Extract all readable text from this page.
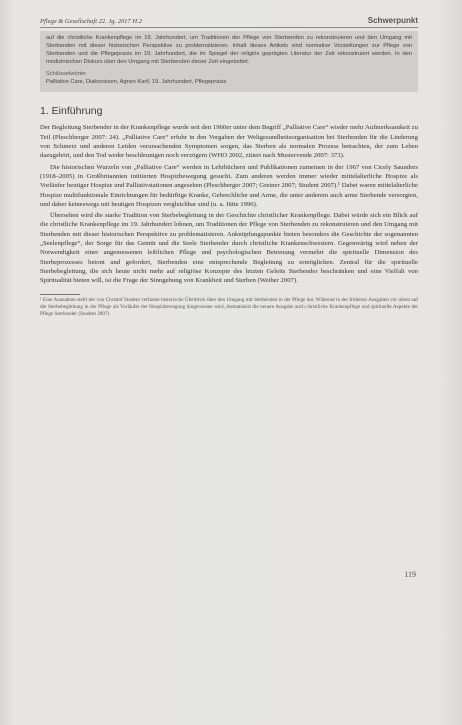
Pflege & Gesellschaft 22. Jg. 2017 H.2	Schwerpunkt

auf die christliche Krankenpflege im 19. Jahrhundert, um Traditionen der Pflege von Sterbenden zu rekonstruieren und den Umgang mit Sterbenden mit dieser historischen Perspektive zu problematisieren. Inhalt dieses Artikels sind normative Vorstellungen zur Pflege von Sterbenden und die Pflegepraxis im 19. Jahrhundert, die im Spiegel der religiös geprägten Literatur der Zeit rekonstruiert werden. In den medizinischen Diskurs über den Umgang mit Sterbenden dieser Zeit eingebettet.

Schlüsselwörter
Palliative Care, Diakonissen, Agnes Karll, 19. Jahrhundert, Pflegepraxis
1. Einführung

Der Begleitung Sterbender in der Krankenpflege wurde seit den 1960er unter dem Begriff „Palliative Care“ wieder mehr Aufmerksamkeit zu Teil (Pleschberger 2007: 24). „Palliative Care“ erfuhr in den Vorgaben der Weltgesundheitsorganisation bei Sterbenden für die Linderung von Schmerz und anderen Leiden verursachenden Symptomen sorgen, das Sterben als normalen Prozess betrachten, der zum Leben dazugehört, und den Tod weder beschleunigen noch verzögern (WHO 2002, zitiert nach Mustervende 2007: 373).

Die historischen Wurzeln von „Palliative Care“ werden in Lehrbüchern und Publikationen zumeinen in der 1967 von Cicely Saunders (1918–2005) in Großbritannien initiierten Hospizbewegung gesucht. Zum anderen werden immer wieder mittelalterliche Hospize als Vorläufer heutiger Hospize und Palliativstationen angesehen (Pleschberger 2007; Greiner 2007; Student 2007).¹ Dabei waren mittelalterliche Hospize multifunktionale Einrichtungen für bedürftige Kranke, Gebrechliche und Arme, die unter anderem auch arme Sterbende versorgten, und daher keineswegs mit heutigen Hospizen vergleichbar sind (u. a. Jütte 1996).

Übersehen wird die starke Tradition von Sterbebegleitung in der Geschichte christlicher Krankenpflege. Dabei würde sich ein Blick auf die christliche Krankenpflege im 19. Jahrhundert lohnen, um Traditionen der Pflege von Sterbenden zu rekonstruieren und den Umgang mit Sterbenden mit dieser historischen Perspektive zu problematisieren. Anknüpfungspunkte bieten besonders die Geschichte der sogenannten „Seelenpflege“, der Sorge für das Gemüt und die Seele Sterbender durch christliche Krankenschwestern. Gegenwärtig wird neben der Notwendigkeit einer angemessenen leiblichen Pflege und psychologischen Betreuung vermehrt die spirituelle Dimension des Sterbeprozesses betont und gefordert, Sterbenden eine entsprechende Begleitung zu ermöglichen. Zentral für die spirituelle Sterbebegleitung, die sich heute nicht mehr auf religiöse Konzepte des letzten Geleits Sterbender beschränken und eine Vielfalt von Spiritualität bieten will, ist die Frage der Sinngebung von Krankheit und Sterben (Weiher 2007).

¹ Eine Ausnahme stellt der von Christof Student verfasste historische Überblick über den Umgang mit Sterbenden in der Pflege dar. Während in der früheren Ausgaben vor allem auf die Sterbebegleitung in der Pflege als Vorläufer der Hospizbewegung hingewiesen wird, thematisiert die neuere Ausgabe auch christliche Krankenpflege und spirituelle Aspekte der Pflege Sterbender (Student 2007).
119
